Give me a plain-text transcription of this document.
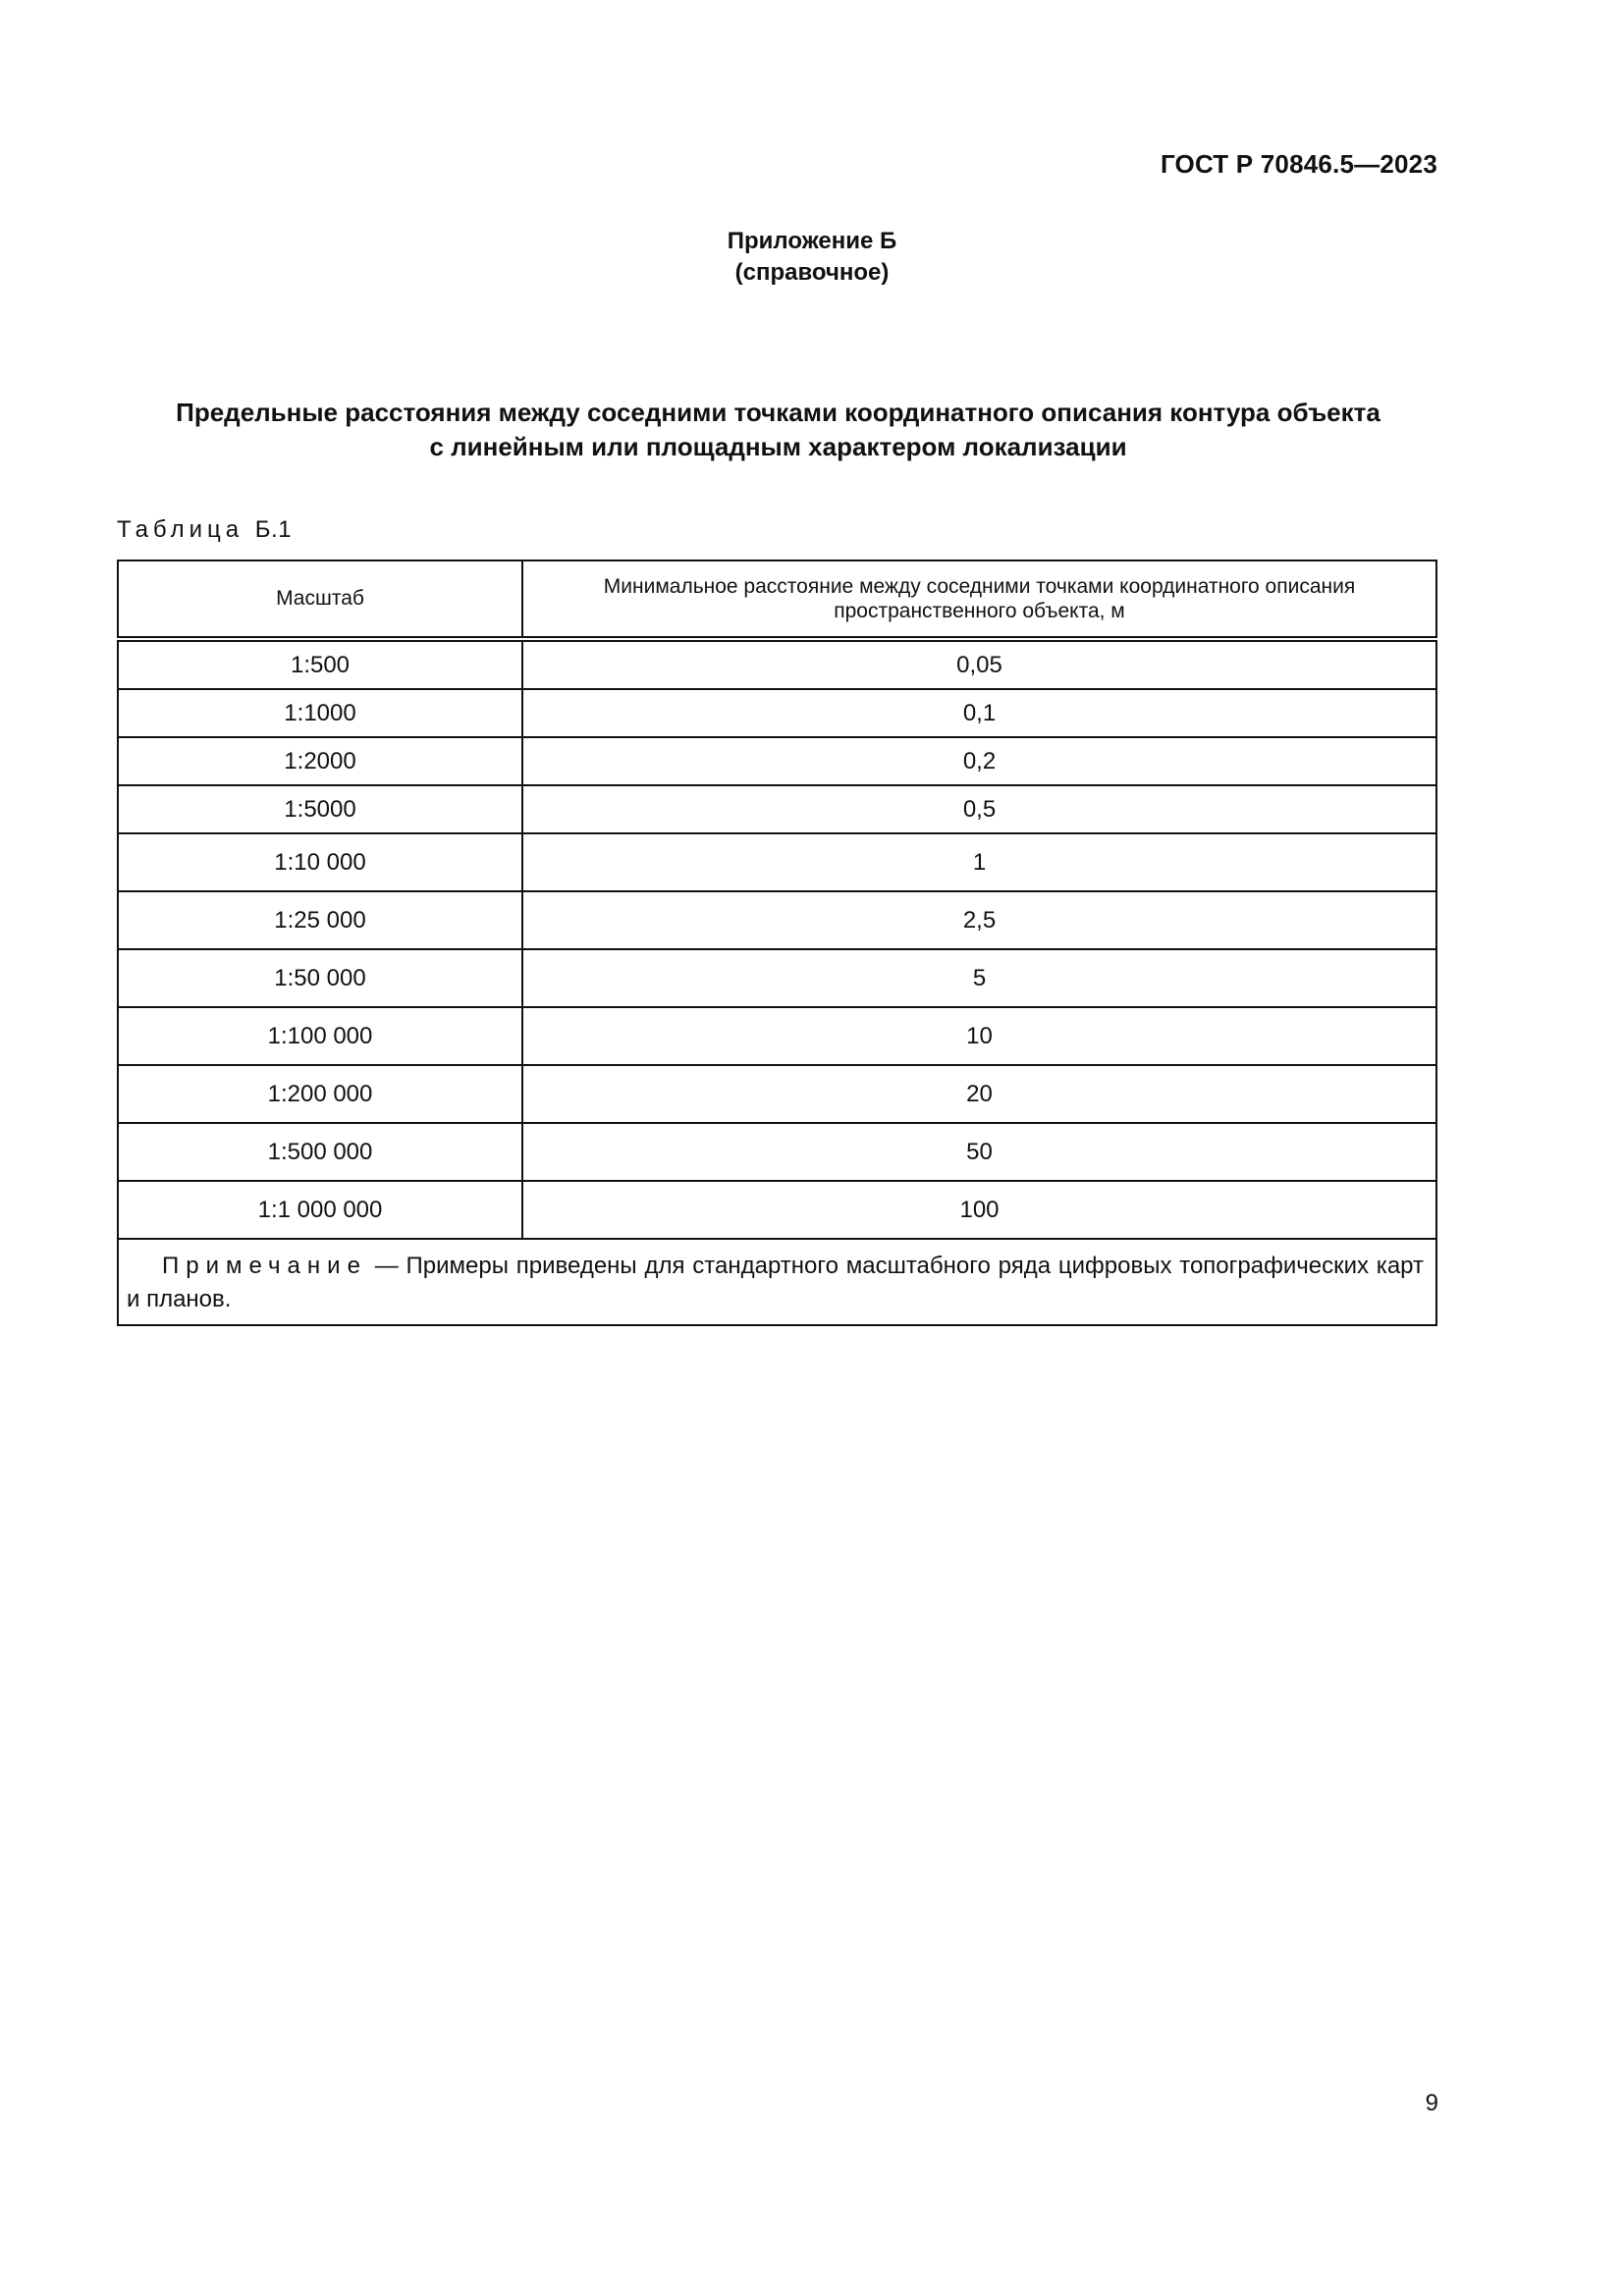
ГОСТ Р 70846.5—2023
Приложение Б
(справочное)
Предельные расстояния между соседними точками координатного описания контура объекта
с линейным или площадным характером локализации
Таблица Б.1
Масштаб	Минимальное расстояние между соседними точками координатного описания пространственного объекта, м
1:500	0,05
1:1000	0,1
1:2000	0,2
1:5000	0,5
1:10 000	1
1:25 000	2,5
1:50 000	5
1:100 000	10
1:200 000	20
1:500 000	50
1:1 000 000	100
Примечание — Примеры приведены для стандартного масштабного ряда цифровых топографических карт и планов.	
9
